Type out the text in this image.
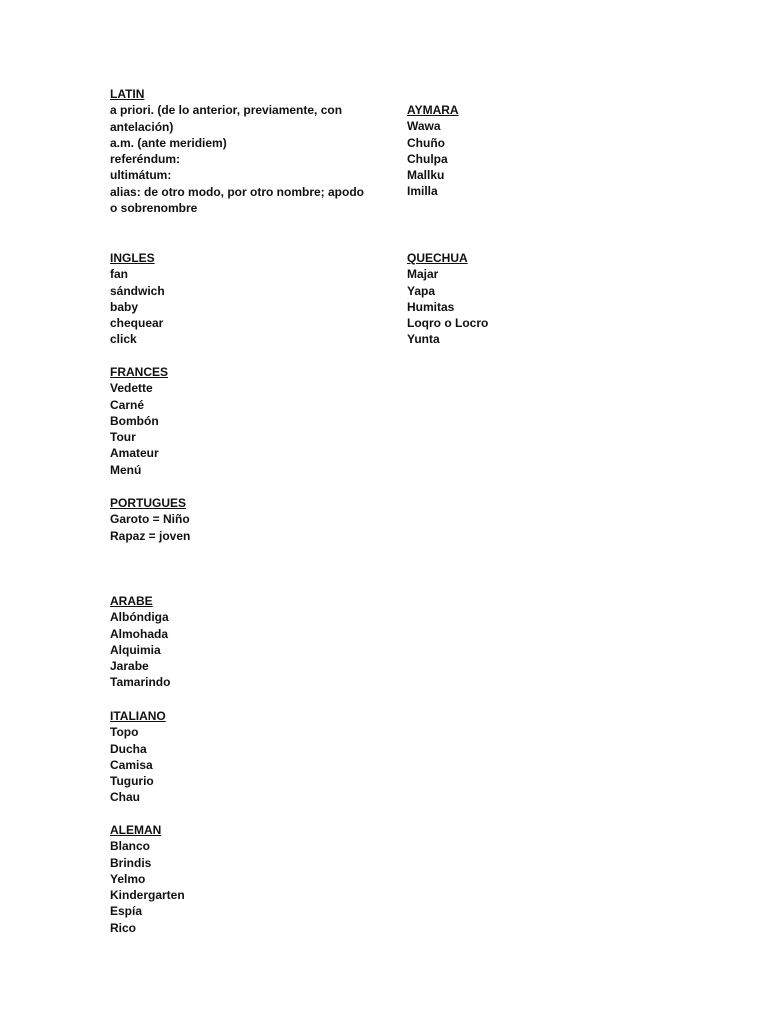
LATIN
a priori. (de lo anterior, previamente, con antelación)
a.m. (ante meridiem)
referéndum:
ultimátum:
alias: de otro modo, por otro nombre; apodo o sobrenombre
INGLES
fan
sándwich
baby
chequear
click
FRANCES
Vedette
Carné
Bombón
Tour
Amateur
Menú
PORTUGUES
Garoto = Niño
Rapaz = joven
ARABE
Albóndiga
Almohada
Alquimia
Jarabe
Tamarindo
ITALIANO
Topo
Ducha
Camisa
Tugurio
Chau
ALEMAN
Blanco
Brindis
Yelmo
Kindergarten
Espía
Rico
AYMARA
Wawa
Chuño
Chulpa
Mallku
Imilla
QUECHUA
Majar
Yapa
Humitas
Loqro o Locro
Yunta
